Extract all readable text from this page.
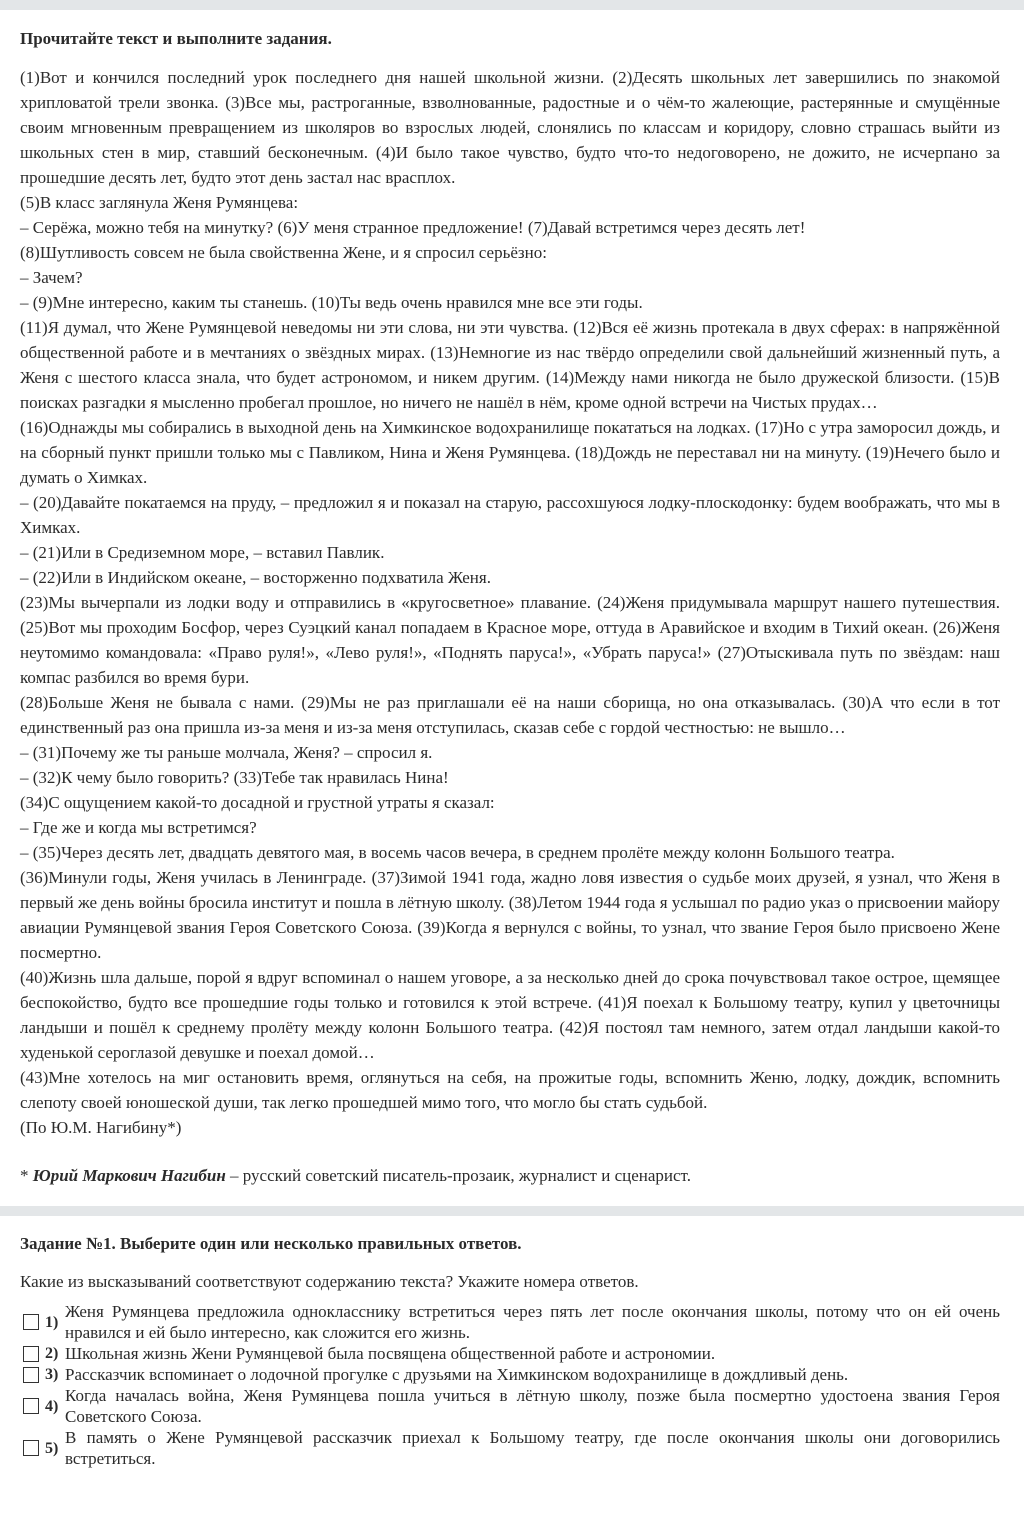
Прочитайте текст и выполните задания.

(1)Вот и кончился последний урок последнего дня нашей школьной жизни. (2)Десять школьных лет завершились по знакомой хрипловатой трели звонка. (3)Все мы, растроганные, взволнованные, радостные и о чём-то жалеющие, растерянные и смущённые своим мгновенным превращением из школяров во взрослых людей, слонялись по классам и коридору, словно страшась выйти из школьных стен в мир, ставший бесконечным. (4)И было такое чувство, будто что-то недоговорено, не дожито, не исчерпано за прошедшие десять лет, будто этот день застал нас врасплох.

(5)В класс заглянула Женя Румянцева:

– Серёжа, можно тебя на минутку? (6)У меня странное предложение! (7)Давай встретимся через десять лет!

(8)Шутливость совсем не была свойственна Жене, и я спросил серьёзно:

– Зачем?

– (9)Мне интересно, каким ты станешь. (10)Ты ведь очень нравился мне все эти годы.

(11)Я думал, что Жене Румянцевой неведомы ни эти слова, ни эти чувства. (12)Вся её жизнь протекала в двух сферах: в напряжённой общественной работе и в мечтаниях о звёздных мирах. (13)Немногие из нас твёрдо определили свой дальнейший жизненный путь, а Женя с шестого класса знала, что будет астрономом, и никем другим. (14)Между нами никогда не было дружеской близости. (15)В поисках разгадки я мысленно пробегал прошлое, но ничего не нашёл в нём, кроме одной встречи на Чистых прудах…

(16)Однажды мы собирались в выходной день на Химкинское водохранилище покататься на лодках. (17)Но с утра заморосил дождь, и на сборный пункт пришли только мы с Павликом, Нина и Женя Румянцева. (18)Дождь не переставал ни на минуту. (19)Нечего было и думать о Химках.

– (20)Давайте покатаемся на пруду, – предложил я и показал на старую, рассохшуюся лодку-плоскодонку: будем воображать, что мы в Химках.

– (21)Или в Средиземном море, – вставил Павлик.

– (22)Или в Индийском океане, – восторженно подхватила Женя.

(23)Мы вычерпали из лодки воду и отправились в «кругосветное» плавание. (24)Женя придумывала маршрут нашего путешествия. (25)Вот мы проходим Босфор, через Суэцкий канал попадаем в Красное море, оттуда в Аравийское и входим в Тихий океан. (26)Женя неутомимо командовала: «Право руля!», «Лево руля!», «Поднять паруса!», «Убрать паруса!» (27)Отыскивала путь по звёздам: наш компас разбился во время бури.

(28)Больше Женя не бывала с нами. (29)Мы не раз приглашали её на наши сборища, но она отказывалась. (30)А что если в тот единственный раз она пришла из-за меня и из-за меня отступилась, сказав себе с гордой честностью: не вышло…

– (31)Почему же ты раньше молчала, Женя? – спросил я.

– (32)К чему было говорить? (33)Тебе так нравилась Нина!

(34)С ощущением какой-то досадной и грустной утраты я сказал:

– Где же и когда мы встретимся?

– (35)Через десять лет, двадцать девятого мая, в восемь часов вечера, в среднем пролёте между колонн Большого театра.

(36)Минули годы, Женя училась в Ленинграде. (37)Зимой 1941 года, жадно ловя известия о судьбе моих друзей, я узнал, что Женя в первый же день войны бросила институт и пошла в лётную школу. (38)Летом 1944 года я услышал по радио указ о присвоении майору авиации Румянцевой звания Героя Советского Союза. (39)Когда я вернулся с войны, то узнал, что звание Героя было присвоено Жене посмертно.

(40)Жизнь шла дальше, порой я вдруг вспоминал о нашем уговоре, а за несколько дней до срока почувствовал такое острое, щемящее беспокойство, будто все прошедшие годы только и готовился к этой встрече. (41)Я поехал к Большому театру, купил у цветочницы ландыши и пошёл к среднему пролёту между колонн Большого театра. (42)Я постоял там немного, затем отдал ландыши какой-то худенькой сероглазой девушке и поехал домой…

(43)Мне хотелось на миг остановить время, оглянуться на себя, на прожитые годы, вспомнить Женю, лодку, дождик, вспомнить слепоту своей юношеской души, так легко прошедшей мимо того, что могло бы стать судьбой.

(По Ю.М. Нагибину*)

* Юрий Маркович Нагибин – русский советский писатель-прозаик, журналист и сценарист.
Задание №1. Выберите один или несколько правильных ответов.
Какие из высказываний соответствуют содержанию текста? Укажите номера ответов.
1)
Женя Румянцева предложила однокласснику встретиться через пять лет после окончания школы, потому что он ей очень нравился и ей было интересно, как сложится его жизнь.
2) Школьная жизнь Жени Румянцевой была посвящена общественной работе и астрономии.
3) Рассказчик вспоминает о лодочной прогулке с друзьями на Химкинском водохранилище в дождливый день.
4)
Когда началась война, Женя Румянцева пошла учиться в лётную школу, позже была посмертно удостоена звания Героя Советского Союза.
5)
В память о Жене Румянцевой рассказчик приехал к Большому театру, где после окончания школы они договорились встретиться.
